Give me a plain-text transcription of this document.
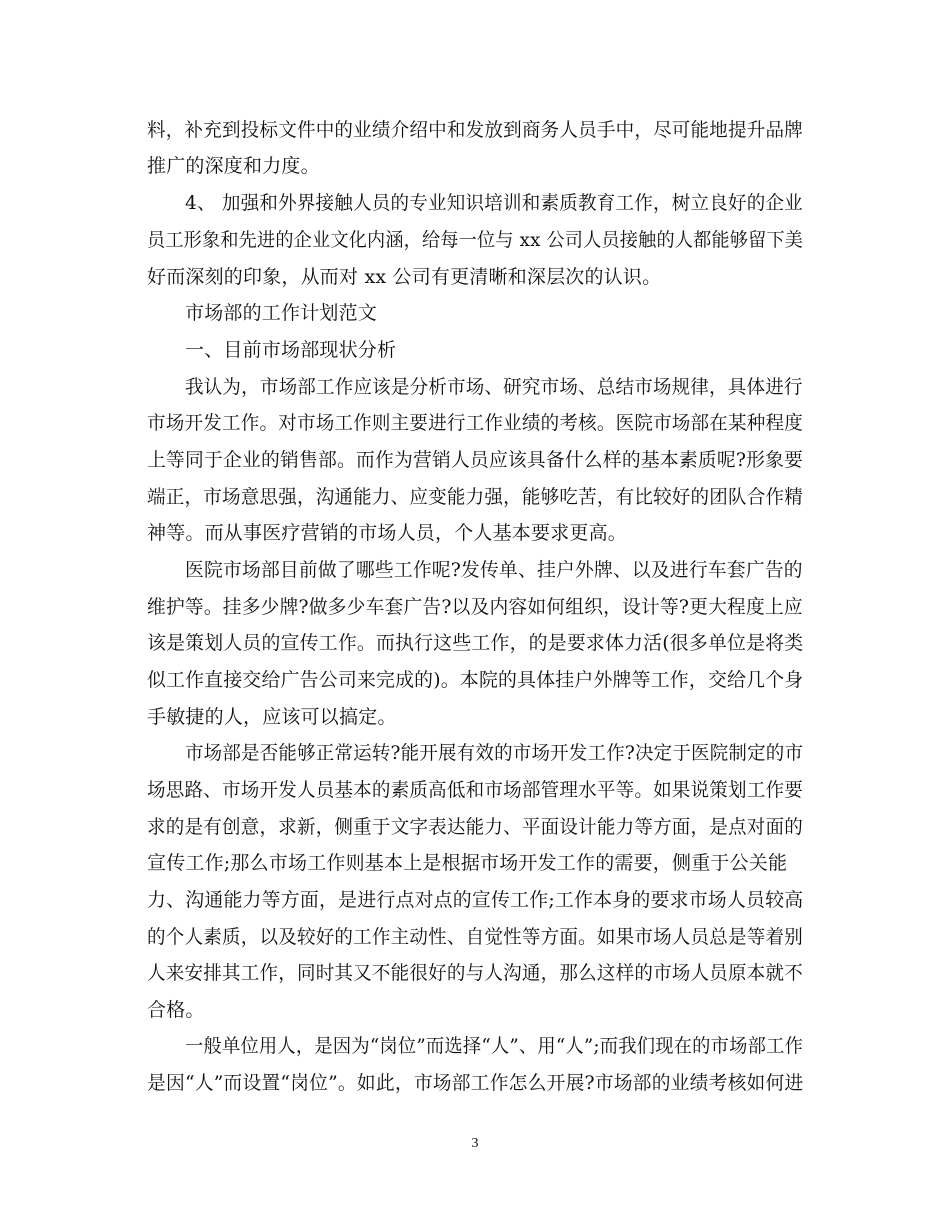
料，补充到投标文件中的业绩介绍中和发放到商务人员手中，尽可能地提升品牌
推广的深度和力度。
4、 加强和外界接触人员的专业知识培训和素质教育工作，树立良好的企业
员工形象和先进的企业文化内涵，给每一位与 xx 公司人员接触的人都能够留下美
好而深刻的印象，从而对 xx 公司有更清晰和深层次的认识。
市场部的工作计划范文
一、目前市场部现状分析
我认为，市场部工作应该是分析市场、研究市场、总结市场规律，具体进行
市场开发工作。对市场工作则主要进行工作业绩的考核。医院市场部在某种程度
上等同于企业的销售部。而作为营销人员应该具备什么样的基本素质呢?形象要
端正，市场意思强，沟通能力、应变能力强，能够吃苦，有比较好的团队合作精
神等。而从事医疗营销的市场人员，个人基本要求更高。
医院市场部目前做了哪些工作呢?发传单、挂户外牌、以及进行车套广告的
维护等。挂多少牌?做多少车套广告?以及内容如何组织，设计等?更大程度上应
该是策划人员的宣传工作。而执行这些工作，的是要求体力活(很多单位是将类
似工作直接交给广告公司来完成的)。本院的具体挂户外牌等工作，交给几个身
手敏捷的人，应该可以搞定。
市场部是否能够正常运转?能开展有效的市场开发工作?决定于医院制定的市
场思路、市场开发人员基本的素质高低和市场部管理水平等。如果说策划工作要
求的是有创意，求新，侧重于文字表达能力、平面设计能力等方面，是点对面的
宣传工作;那么市场工作则基本上是根据市场开发工作的需要，侧重于公关能
力、沟通能力等方面，是进行点对点的宣传工作;工作本身的要求市场人员较高
的个人素质，以及较好的工作主动性、自觉性等方面。如果市场人员总是等着别
人来安排其工作，同时其又不能很好的与人沟通，那么这样的市场人员原本就不
合格。
一般单位用人，是因为“岗位”而选择“人”、用“人”;而我们现在的市场部工作
是因“人”而设置“岗位”。如此，市场部工作怎么开展?市场部的业绩考核如何进
3
